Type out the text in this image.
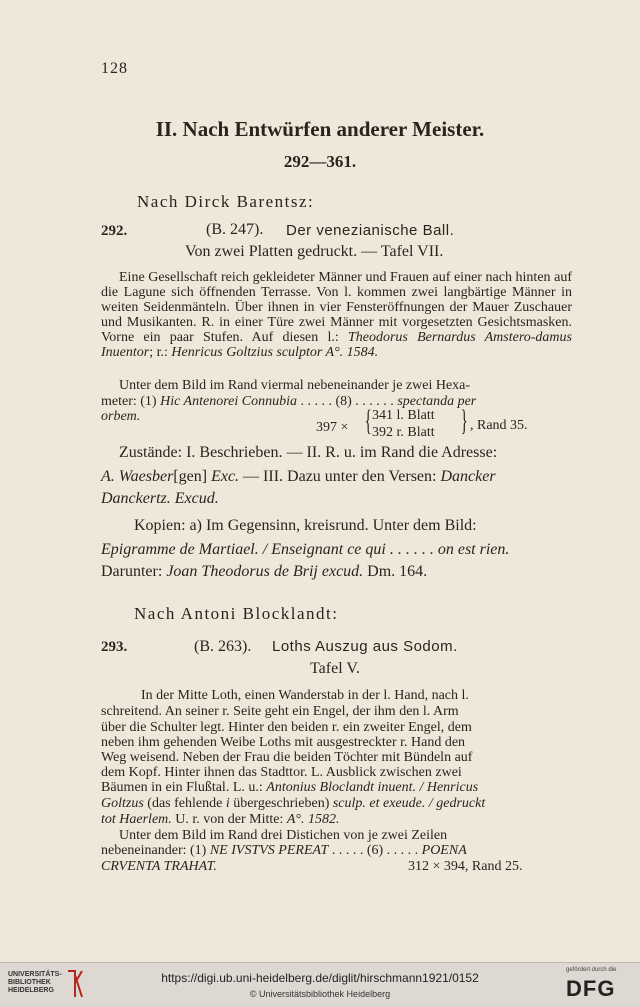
128
II. Nach Entwürfen anderer Meister.
292—361.
Nach Dirck Barentsz:
292.	(B. 247). Der venezianische Ball.
Von zwei Platten gedruckt. — Tafel VII.
Eine Gesellschaft reich gekleideter Männer und Frauen auf einer nach hinten auf die Lagune sich öffnenden Terrasse. Von l. kommen zwei langbärtige Männer in weiten Seidenmänteln. Über ihnen in vier Fensteröffnungen der Mauer Zuschauer und Musikanten. R. in einer Türe zwei Männer mit vorgesetzten Gesichtsmasken. Vorne ein paar Stufen. Auf diesen l.: Theodorus Bernardus Amstero-damus Inuentor; r.: Henricus Goltzius sculptor A°. 1584.
Unter dem Bild im Rand viermal nebeneinander je zwei Hexa-
meter: (1) Hic Antenorei Connubia . . . . . (8) . . . . . . spectanda per
orbem.
397 × { 341 l. Blatt
392 r. Blatt } , Rand 35.
Zustände: I. Beschrieben. — II. R. u. im Rand die Adresse:
A. Waesber[gen] Exc. — III. Dazu unter den Versen: Dancker
Danckertz. Excud.
Kopien: a) Im Gegensinn, kreisrund. Unter dem Bild:
Epigramme de Martiael. / Enseignant ce qui . . . . . . on est rien.
Darunter: Joan Theodorus de Brij excud. Dm. 164.
Nach Antoni Blocklandt:
293.	(B. 263). Loths Auszug aus Sodom.
Tafel V.
In der Mitte Loth, einen Wanderstab in der l. Hand, nach l.
schreitend. An seiner r. Seite geht ein Engel, der ihm den l. Arm
über die Schulter legt. Hinter den beiden r. ein zweiter Engel, dem
neben ihm gehenden Weibe Loths mit ausgestreckter r. Hand den
Weg weisend. Neben der Frau die beiden Töchter mit Bündeln auf
dem Kopf. Hinter ihnen das Stadttor. L. Ausblick zwischen zwei
Bäumen in ein Flußtal. L. u.: Antonius Bloclandt inuent. / Henricus
Goltzus (das fehlende i übergeschrieben) sculp. et exeude. / gedruckt
tot Haerlem. U. r. von der Mitte: A°. 1582.
Unter dem Bild im Rand drei Distichen von je zwei Zeilen
nebeneinander: (1) NE IVSTVS PEREAT . . . . . (6) . . . . . POENA
CRVENTA TRAHAT.	312 × 394, Rand 25.
UNIVERSITÄTS-
BIBLIOTHEK
HEIDELBERG
https://digi.ub.uni-heidelberg.de/diglit/hirschmann1921/0152
© Universitätsbibliothek Heidelberg
gefördert durch die
DFG
